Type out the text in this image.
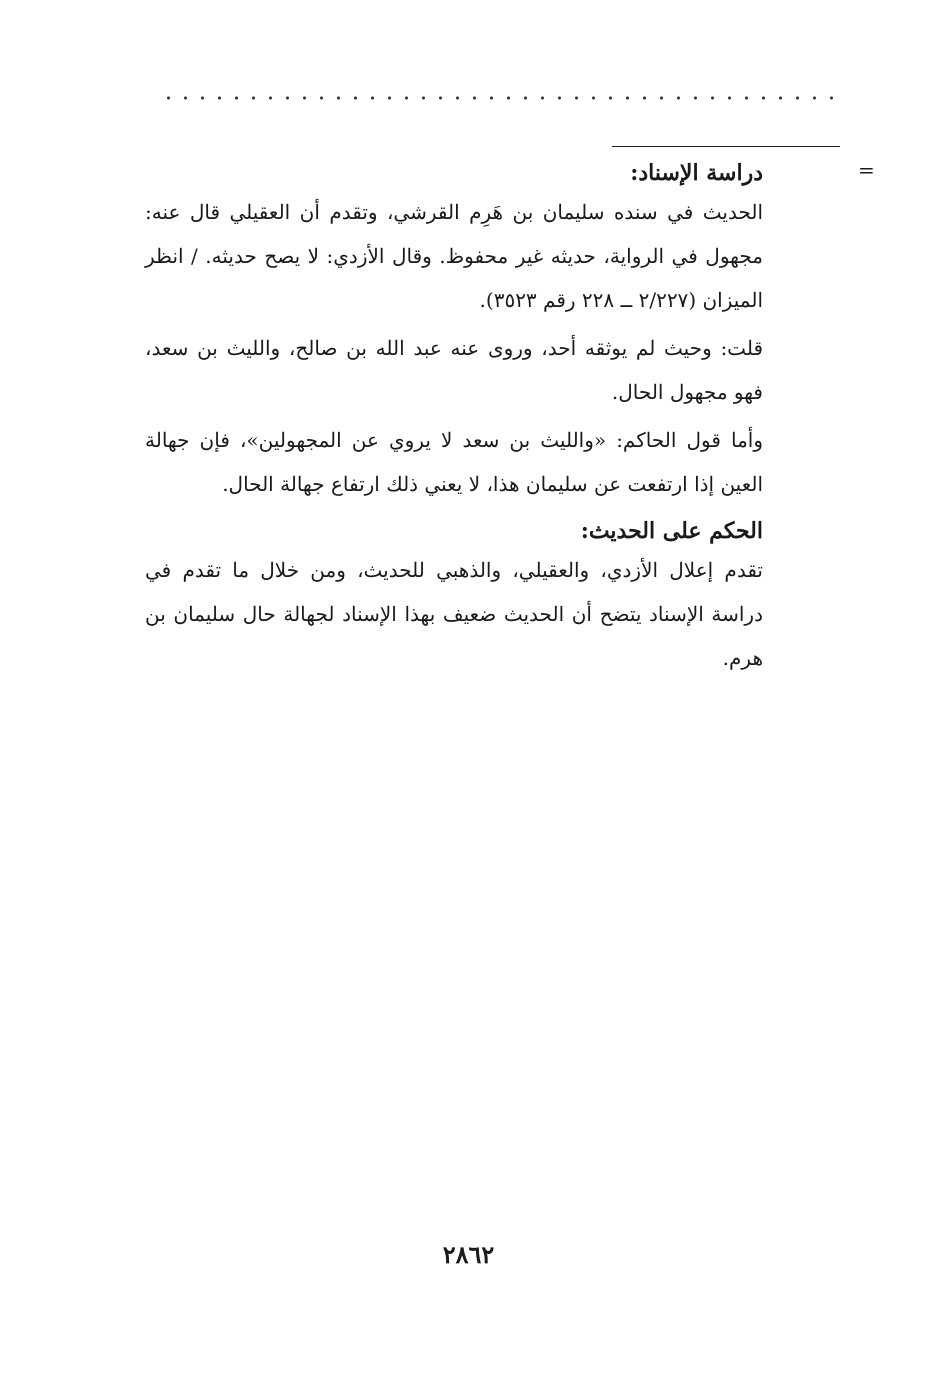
=

دراسة الإسناد:

الحديث في سنده سليمان بن هَرِم القرشي، وتقدم أن العقيلي قال عنه: مجهول في الرواية، حديثه غير محفوظ. وقال الأزدي: لا يصح حديثه. / انظر الميزان (٢/٢٢٧ ــ ٢٢٨ رقم ٣٥٢٣).

قلت: وحيث لم يوثقه أحد، وروى عنه عبد الله بن صالح، والليث بن سعد، فهو مجهول الحال.

وأما قول الحاكم: «والليث بن سعد لا يروي عن المجهولين»، فإن جهالة العين إذا ارتفعت عن سليمان هذا، لا يعني ذلك ارتفاع جهالة الحال.

الحكم على الحديث:

تقدم إعلال الأزدي، والعقيلي، والذهبي للحديث، ومن خلال ما تقدم في دراسة الإسناد يتضح أن الحديث ضعيف بهذا الإسناد لجهالة حال سليمان بن هرم.

٢٨٦٢
